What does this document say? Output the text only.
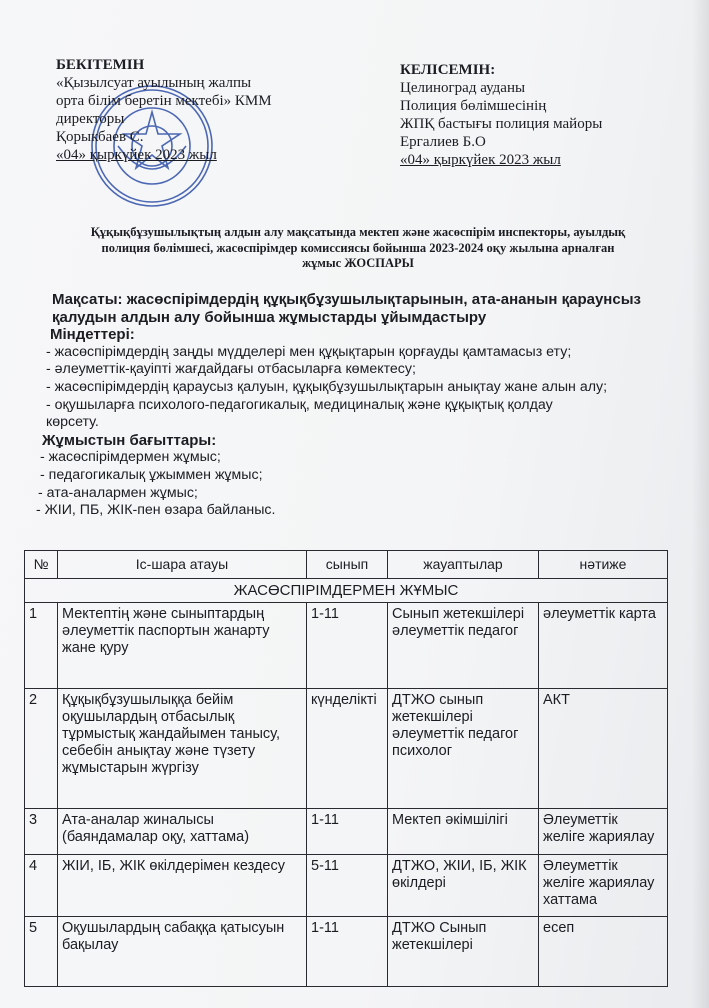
БЕКІТЕМІН
«Қызылсуат ауылының жалпы
орта білім беретін мектебі» КММ
директоры
Қорыкбаев С.
«04» қыркүйек 2023 жыл
КЕЛІСЕМІН:
Целиноград ауданы
Полиция бөлімшесінің
ЖПҚ бастығы полиция майоры
Ергалиев Б.О
«04» қыркүйек 2023 жыл
Құқықбұзушылықтың алдын алу мақсатында мектеп және жасөспірім инспекторы, ауылдық
полиция бөлімшесі, жасөспірімдер комиссиясы бойынша 2023-2024 оқу жылына арналған
жұмыс ЖОСПАРЫ
Мақсаты: жасөспірімдердің құқықбұзушылықтарынын, ата-ананын қараунсыз
қалудын алдын алу бойынша жұмыстарды ұйымдастыру
Міндеттері:
- жасөспірімдердің заңды мүдделері мен құқықтарын қорғауды қамтамасыз ету;
- әлеуметтік-қауіпті жағдайдағы отбасыларға көмектесу;
- жасөспірімдердің қараусыз қалуын, құқықбұзушылықтарын анықтау жане алын алу;
- оқушыларға психолого-педагогикалық, медициналық және құқықтық қолдау
көрсету.
Жұмыстын бағыттары:
- жасөспірімдермен жұмыс;
- педагогикалық ұжыммен жұмыс;
- ата-аналармен жұмыс;
- ЖІИ, ПБ, ЖІК-пен өзара байланыс.
№	Іс-шара атауы	сынып	жауаптылар	нәтиже
ЖАСӨСПІРІМДЕРМЕН ЖҰМЫС				
1	Мектептің және сыныптардың әлеуметтік паспортын жанарту жане қуру	1-11	Сынып жетекшілері әлеуметтік педагог	әлеуметтік карта
2	Құқықбұзушылыққа бейім оқушылардың отбасылық тұрмыстық жандайымен танысу, себебін анықтау және түзету жұмыстарын жүргізу	күнделікті	ДТЖО сынып жетекшілері әлеуметтік педагог психолог	АКТ
3	Ата-аналар жиналысы (баяндамалар оқу, хаттама)	1-11	Мектеп әкімшілігі	Әлеуметтік желіге жариялау
4	ЖІИ, ІБ, ЖІК өкілдерімен кездесу	5-11	ДТЖО, ЖІИ, ІБ, ЖІК өкілдері	Әлеуметтік желіге жариялау хаттама
5	Оқушылардың сабаққа қатысуын бақылау	1-11	ДТЖО Сынып жетекшілері	есеп
